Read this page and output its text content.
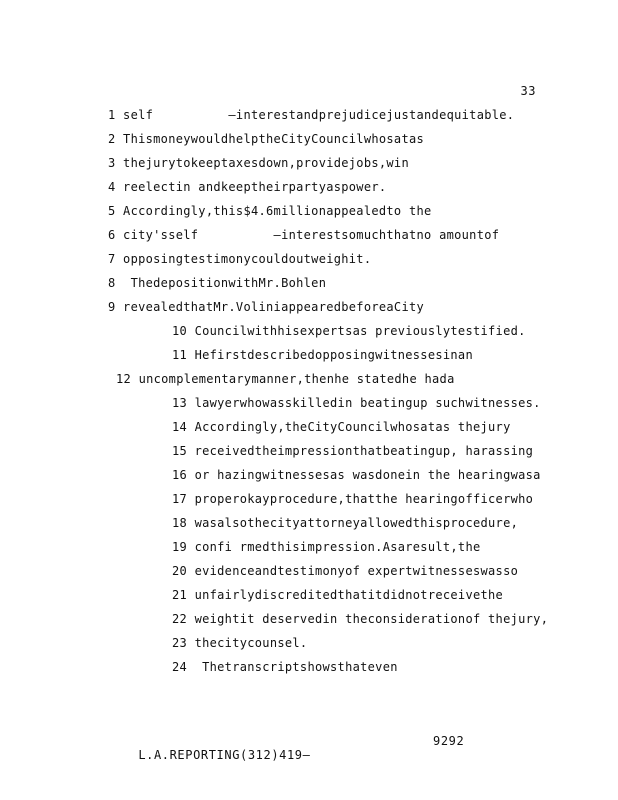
33
1 self          —interestandprejudicejustandequitable.
2 ThismoneywouldhelptheCityCouncilwhosatas
3 thejurytokeeptaxesdown,providejobs,win
4 reelectin andkeeptheirpartyaspower.
5 Accordingly,this$4.6millionappealedto the
6 city'sself          —interestsomuchthatno amountof
7 opposingtestimonycouldoutweighit.
8  ThedepositionwithMr.Bohlen
9 revealedthatMr.VoliniappearedbeforeaCity
10 Councilwithhisexpertsas previouslytestified.
11 Hefirstdescribedopposingwitnessesinan
12 uncomplementarymanner,thenhe statedhe hada
13 lawyerwhowasskilledin beatingup suchwitnesses.
14 Accordingly,theCityCouncilwhosatas thejury
15 receivedtheimpressionthatbeatingup, harassing
16 or hazingwitnessesas wasdonein the hearingwasa
17 properokayprocedure,thatthe hearingofficerwho
18 wasalsothecityattorneyallowedthisprocedure,
19 confi rmedthisimpression.Asaresult,the
20 evidenceandtestimonyof expertwitnesseswasso
21 unfairlydiscreditedthatitdidnotreceivethe
22 weightit deservedin theconsiderationof thejury,
23 thecitycounsel.
24  Thetranscriptshowsthateven

L.A.REPORTING(312)419—

9292
